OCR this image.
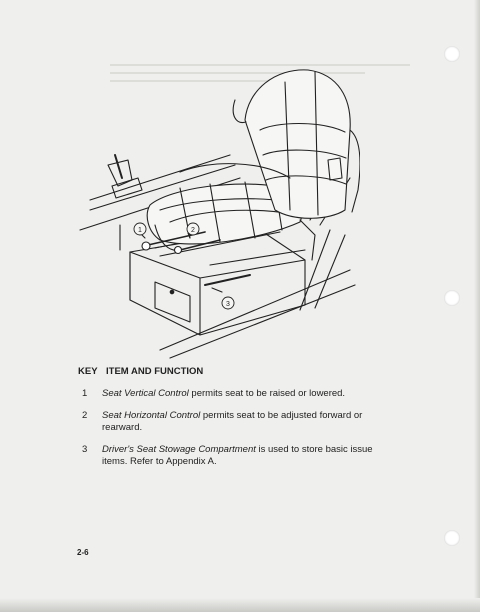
1	2
3
KEY ITEM AND FUNCTION
1	Seat Vertical Control permits seat to be raised or lowered.
2	Seat Horizontal Control permits seat to be adjusted forward or rearward.
3	Driver's Seat Stowage Compartment is used to store basic issue items. Refer to Appendix A.
2-6
